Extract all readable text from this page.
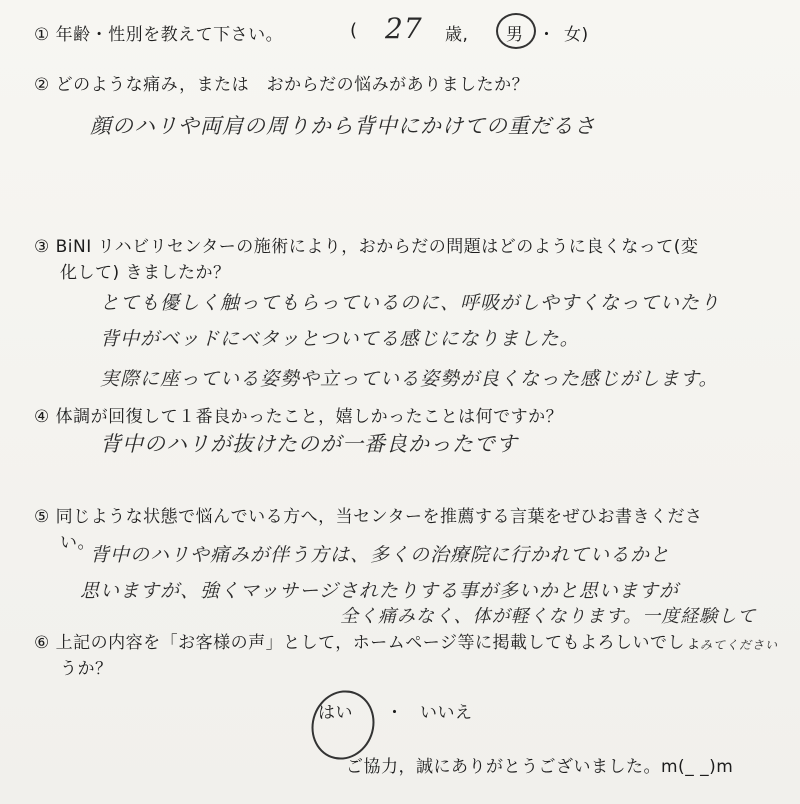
① 年齢・性別を教えて下さい。	( 27 歳, 男 ・ 女)
② どのような痛み，または　おからだの悩みがありましたか？
顔のハリや両肩の周りから背中にかけての重だるさ
③ BiNI リハビリセンターの施術により，おからだの問題はどのように良くなって(変
化して) きましたか？
とても優しく触ってもらっているのに、呼吸がしやすくなっていたり
背中がベッドにベタッとついてる感じになりました。
実際に座っている姿勢や立っている姿勢が良くなった感じがします。
④ 体調が回復して１番良かったこと，嬉しかったことは何ですか？
背中のハリが抜けたのが一番良かったです
⑤ 同じような状態で悩んでいる方へ，当センターを推薦する言葉をぜひお書きくださ
い。
背中のハリや痛みが伴う方は、多くの治療院に行かれているかと
思いますが、強くマッサージされたりする事が多いかと思いますが
全く痛みなく、体が軽くなります。一度経験して
みてください
⑥ 上記の内容を「お客様の声」として，ホームページ等に掲載してもよろしいでしょ
うか？
はい ・ いいえ
ご協力，誠にありがとうございました。m(_ _)m
